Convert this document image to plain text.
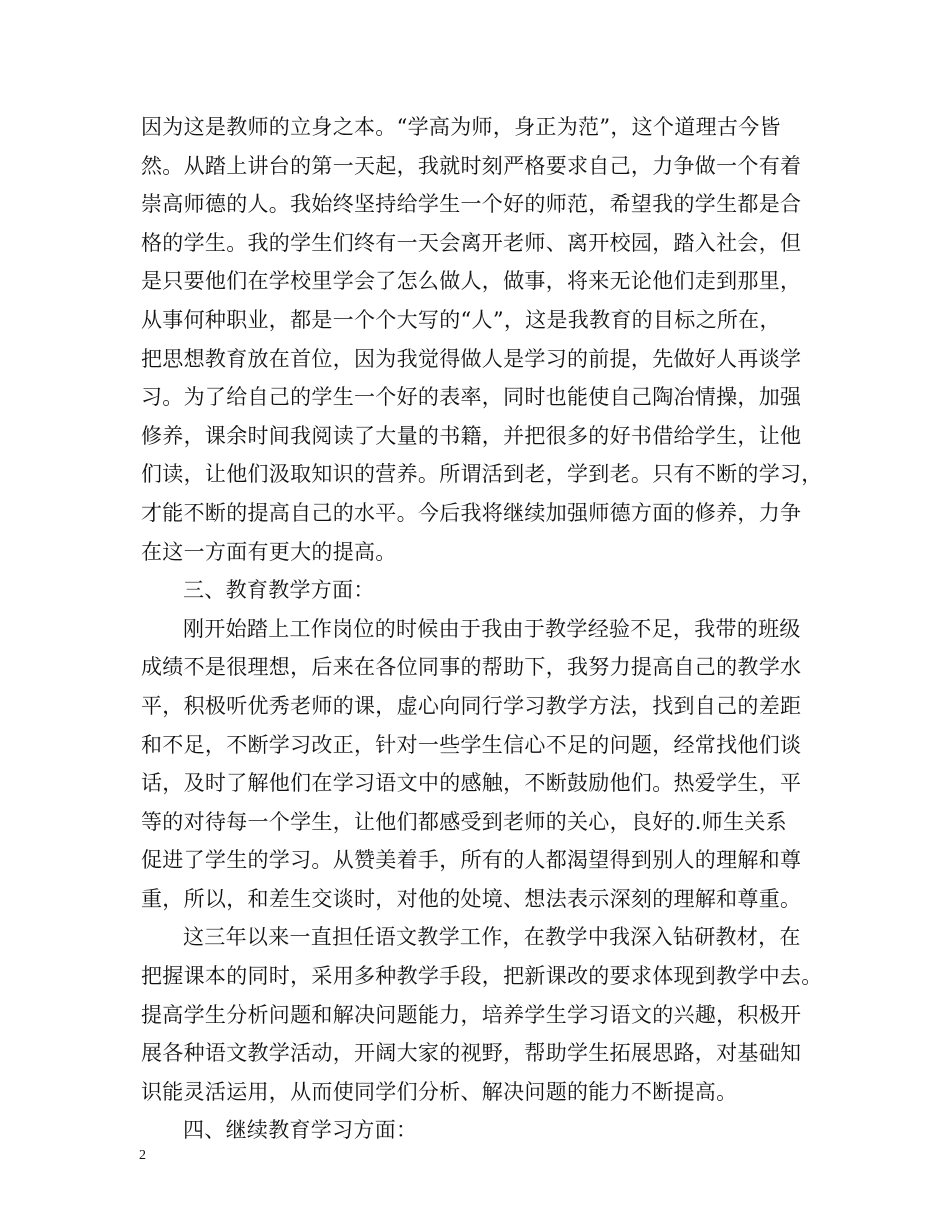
因为这是教师的立身之本。“学高为师，身正为范”，这个道理古今皆
然。从踏上讲台的第一天起，我就时刻严格要求自己，力争做一个有着
崇高师德的人。我始终坚持给学生一个好的师范，希望我的学生都是合
格的学生。我的学生们终有一天会离开老师、离开校园，踏入社会，但
是只要他们在学校里学会了怎么做人，做事，将来无论他们走到那里，
从事何种职业，都是一个个大写的“人”，这是我教育的目标之所在，
把思想教育放在首位，因为我觉得做人是学习的前提，先做好人再谈学
习。为了给自己的学生一个好的表率，同时也能使自己陶冶情操，加强
修养，课余时间我阅读了大量的书籍，并把很多的好书借给学生，让他
们读，让他们汲取知识的营养。所谓活到老，学到老。只有不断的学习，
才能不断的提高自己的水平。今后我将继续加强师德方面的修养，力争
在这一方面有更大的提高。
三、教育教学方面：
刚开始踏上工作岗位的时候由于我由于教学经验不足，我带的班级
成绩不是很理想，后来在各位同事的帮助下，我努力提高自己的教学水
平，积极听优秀老师的课，虚心向同行学习教学方法，找到自己的差距
和不足，不断学习改正，针对一些学生信心不足的问题，经常找他们谈
话，及时了解他们在学习语文中的感触，不断鼓励他们。热爱学生，平
等的对待每一个学生，让他们都感受到老师的关心，良好的.师生关系
促进了学生的学习。从赞美着手，所有的人都渴望得到别人的理解和尊
重，所以，和差生交谈时，对他的处境、想法表示深刻的理解和尊重。
这三年以来一直担任语文教学工作，在教学中我深入钻研教材，在
把握课本的同时，采用多种教学手段，把新课改的要求体现到教学中去。
提高学生分析问题和解决问题能力，培养学生学习语文的兴趣，积极开
展各种语文教学活动，开阔大家的视野，帮助学生拓展思路，对基础知
识能灵活运用，从而使同学们分析、解决问题的能力不断提高。
四、继续教育学习方面：
2
